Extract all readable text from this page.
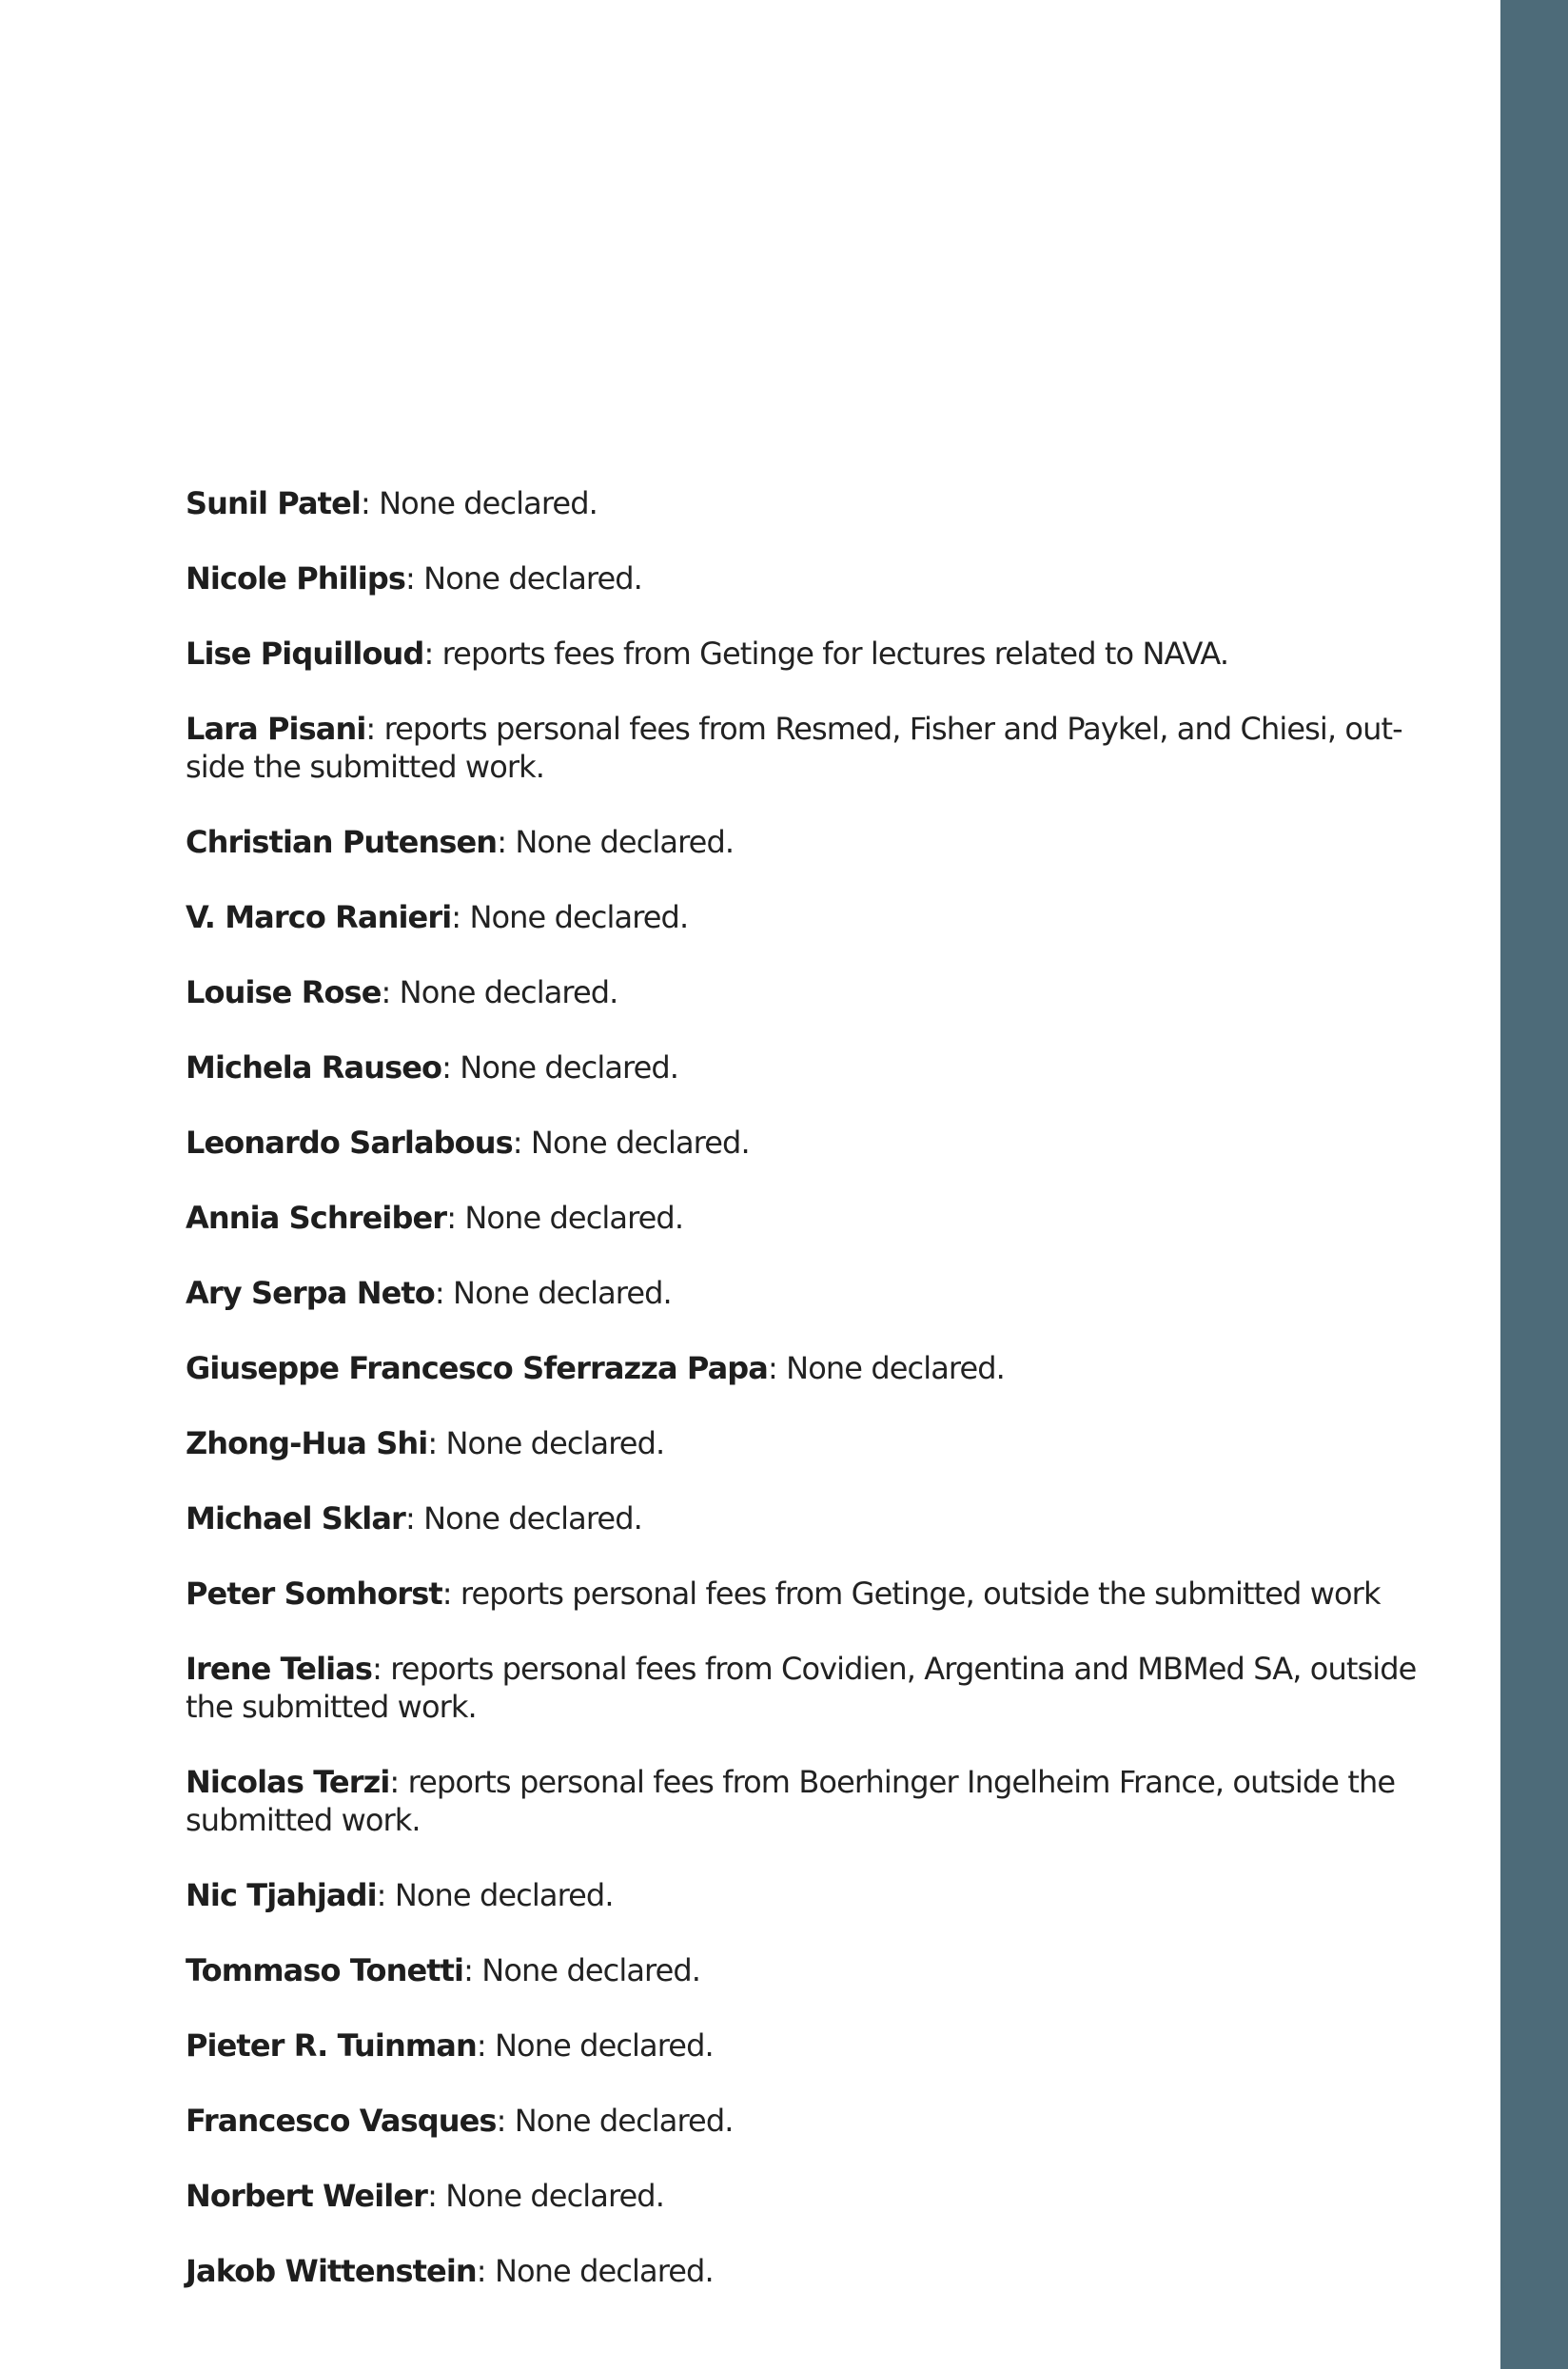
Sunil Patel: None declared.
Nicole Philips: None declared.
Lise Piquilloud: reports fees from Getinge for lectures related to NAVA.
Lara Pisani: reports personal fees from Resmed, Fisher and Paykel, and Chiesi, out-side the submitted work.
Christian Putensen: None declared.
V. Marco Ranieri: None declared.
Louise Rose: None declared.
Michela Rauseo: None declared.
Leonardo Sarlabous: None declared.
Annia Schreiber: None declared.
Ary Serpa Neto: None declared.
Giuseppe Francesco Sferrazza Papa: None declared.
Zhong-Hua Shi: None declared.
Michael Sklar: None declared.
Peter Somhorst: reports personal fees from Getinge, outside the submitted work
Irene Telias: reports personal fees from Covidien, Argentina and MBMed SA, outside the submitted work.
Nicolas Terzi: reports personal fees from Boerhinger Ingelheim France, outside the submitted work.
Nic Tjahjadi: None declared.
Tommaso Tonetti: None declared.
Pieter R. Tuinman: None declared.
Francesco Vasques: None declared.
Norbert Weiler: None declared.
Jakob Wittenstein: None declared.
